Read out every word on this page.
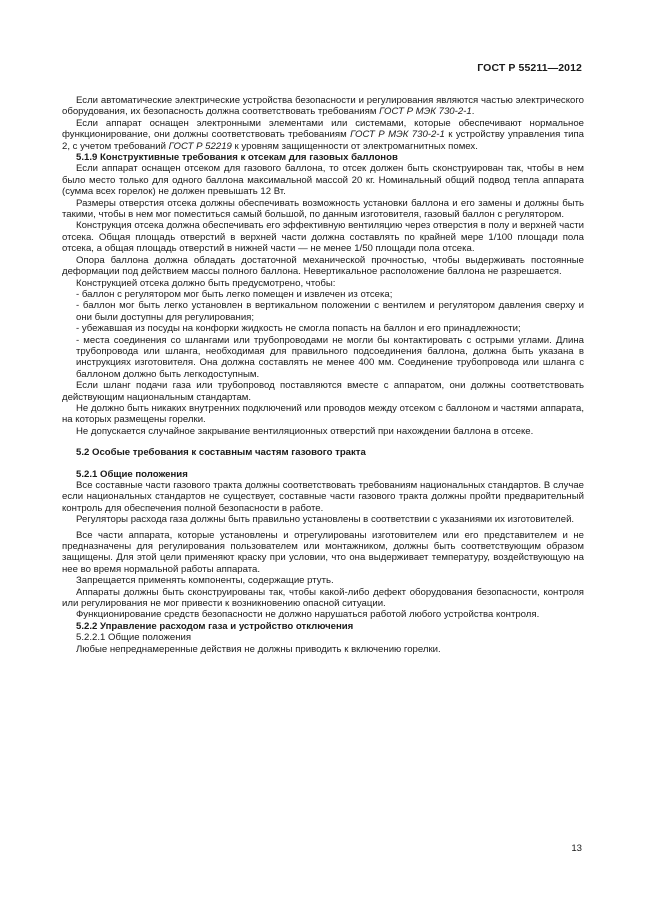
ГОСТ Р 55211—2012

Если автоматические электрические устройства безопасности и регулирования являются частью электрического оборудования, их безопасность должна соответствовать требованиям ГОСТ Р МЭК 730-2-1.

Если аппарат оснащен электронными элементами или системами, которые обеспечивают нормальное функционирование, они должны соответствовать требованиям ГОСТ Р МЭК 730-2-1 к устройству управления типа 2, с учетом требований ГОСТ Р 52219 к уровням защищенности от электромагнитных помех.

5.1.9 Конструктивные требования к отсекам для газовых баллонов

Если аппарат оснащен отсеком для газового баллона, то отсек должен быть сконструирован так, чтобы в нем было место только для одного баллона максимальной массой 20 кг. Номинальный общий подвод тепла аппарата (сумма всех горелок) не должен превышать 12 Вт.

Размеры отверстия отсека должны обеспечивать возможность установки баллона и его замены и должны быть такими, чтобы в нем мог поместиться самый большой, по данным изготовителя, газовый баллон с регулятором.

Конструкция отсека должна обеспечивать его эффективную вентиляцию через отверстия в полу и верхней части отсека. Общая площадь отверстий в верхней части должна составлять по крайней мере 1/100 площади пола отсека, а общая площадь отверстий в нижней части — не менее 1/50 площади пола отсека.

Опора баллона должна обладать достаточной механической прочностью, чтобы выдерживать постоянные деформации под действием массы полного баллона. Невертикальное расположение баллона не разрешается.

Конструкцией отсека должно быть предусмотрено, чтобы:

- баллон с регулятором мог быть легко помещен и извлечен из отсека;

- баллон мог быть легко установлен в вертикальном положении с вентилем и регулятором давления сверху и они были доступны для регулирования;

- убежавшая из посуды на конфорки жидкость не смогла попасть на баллон и его принадлежности;

- места соединения со шлангами или трубопроводами не могли бы контактировать с острыми углами. Длина трубопровода или шланга, необходимая для правильного подсоединения баллона, должна быть указана в инструкциях изготовителя. Она должна составлять не менее 400 мм. Соединение трубопровода или шланга с баллоном должно быть легкодоступным.

Если шланг подачи газа или трубопровод поставляются вместе с аппаратом, они должны соответствовать действующим национальным стандартам.

Не должно быть никаких внутренних подключений или проводов между отсеком с баллоном и частями аппарата, на которых размещены горелки.

Не допускается случайное закрывание вентиляционных отверстий при нахождении баллона в отсеке.

5.2 Особые требования к составным частям газового тракта

5.2.1 Общие положения

Все составные части газового тракта должны соответствовать требованиям национальных стандартов. В случае если национальных стандартов не существует, составные части газового тракта должны пройти предварительный контроль для обеспечения полной безопасности в работе.

Регуляторы расхода газа должны быть правильно установлены в соответствии с указаниями их изготовителей.

Все части аппарата, которые установлены и отрегулированы изготовителем или его представителем и не предназначены для регулирования пользователем или монтажником, должны быть соответствующим образом защищены. Для этой цели применяют краску при условии, что она выдерживает температуру, воздействующую на нее во время нормальной работы аппарата.

Запрещается применять компоненты, содержащие ртуть.

Аппараты должны быть сконструированы так, чтобы какой-либо дефект оборудования безопасности, контроля или регулирования не мог привести к возникновению опасной ситуации.

Функционирование средств безопасности не должно нарушаться работой любого устройства контроля.

5.2.2 Управление расходом газа и устройство отключения

5.2.2.1 Общие положения

Любые непреднамеренные действия не должны приводить к включению горелки.

13
